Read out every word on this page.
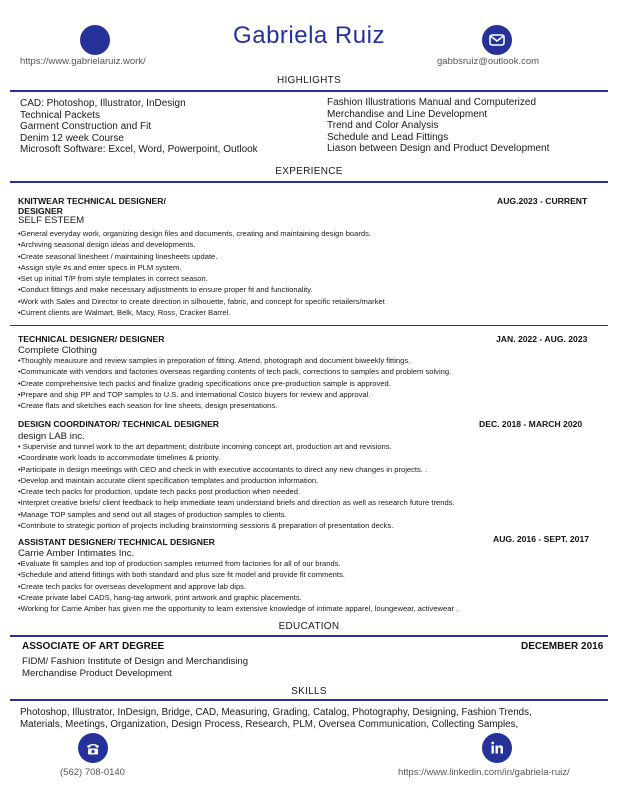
Gabriela Ruiz
https://www.gabrielaruiz.work/	gabbsruiz@outlook.com
HIGHLIGHTS
CAD: Photoshop, Illustrator, InDesign
Technical Packets
Garment Construction and Fit
Denim 12 week Course
Microsoft Software: Excel, Word, Powerpoint, Outlook
Fashion Illustrations Manual and Computerized
Merchandise and Line Development
Trend and Color Analysis
Schedule and Lead Fittings
Liason between Design and Product Development
EXPERIENCE
KNITWEAR TECHNICAL DESIGNER/
DESIGNER
AUG.2023 - CURRENT
SELF ESTEEM
•General everyday work, organizing design files and documents, creating and maintaining design boards.
•Archiving seasonal design ideas and developments.
•Create seasonal linesheet / maintaining linesheets update.
•Assign style #s and enter specs in PLM system.
•Set up initial T/P from style templates in correct season.
•Conduct fittings and make necessary adjustments to ensure proper fit and functionality.
•Work with Sales and Director to create direction in silhouette, fabric, and concept for specific retailers/market
•Current clients are Walmart, Belk, Macy, Ross, Cracker Barrel.
TECHNICAL DESIGNER/ DESIGNER	JAN. 2022 - AUG. 2023
Complete Clothing
•Thoughly meausure and review samples in preporation of fitting. Attend, photograph and document biweekly fittings.
•Communicate with vendors and factories overseas regarding contents of tech pack, corrections to samples and problem solving.
•Create comprehensive tech packs and finalize grading specifications once pre-production sample is approved.
•Prepare and ship PP and TOP samples to U.S. and international Costco buyers for review and approval.
•Create flats and sketches each season for line sheets, design presentations.
DESIGN COORDINATOR/ TECHNICAL DESIGNER	DEC. 2018 - MARCH 2020
design LAB inc.
• Supervise and tunnel work to the art department; distribute incoming concept art, production art and revisions.
•Coordinate work loads to accommodate timelines & priority.
•Participate in design meetings with CEO and check in with executive accountants to direct any new changes in projects. .
•Develop and maintain accurate client specification templates and production information.
•Create tech packs for production, update tech packs post production when needed.
•Interpret creative briefs/ client feedback to help immediate team understand briefs and direction as well as research future trends.
•Manage TOP samples and send out all stages of production samples to clients.
•Contribute to strategic portion of projects including brainstorming sessions & preparation of presentation decks.
ASSISTANT DESIGNER/ TECHNICAL DESIGNER	AUG. 2016 - SEPT. 2017
Carrie Amber Intimates Inc.
•Evaluate fit samples and top of production samples returned from factories for all of our brands.
•Schedule and attend fittings with both standard and plus size fit model and provide fit comments.
•Create tech packs for overseas development and approve lab dips.
•Create private label CADS, hang-tag artwork, print artwork and graphic placements.
•Working for Carrie Amber has given me the opportunity to learn extensive knowledge of intimate apparel, loungewear, activewear .
EDUCATION
ASSOCIATE OF ART DEGREE	DECEMBER 2016
FIDM/ Fashion Institute of Design and Merchandising
Merchandise Product Development
SKILLS
Photoshop, Illustrator, InDesign, Bridge, CAD, Measuring, Grading, Catalog, Photography, Designing, Fashion Trends,
Materials, Meetings, Organization, Design Process, Research, PLM, Oversea Communication, Collecting Samples,
(562) 708-0140	https://www.linkedin.com/in/gabriela-ruiz/
